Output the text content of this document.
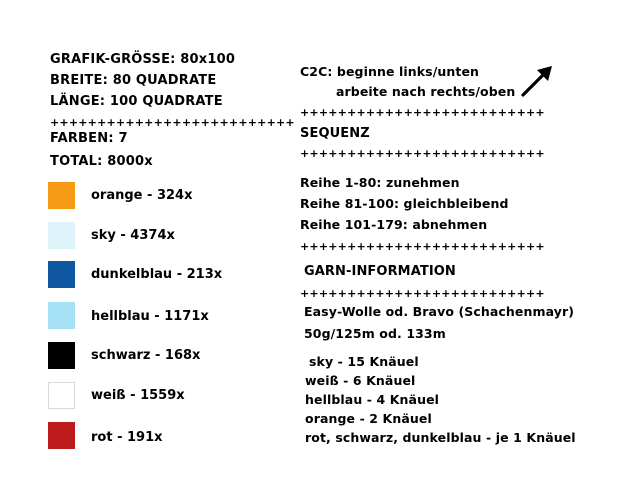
GRAFIK-GRÖSSE: 80x100
BREITE: 80 QUADRATE
LÄNGE: 100 QUADRATE
++++++++++++++++++++++++++
FARBEN: 7
TOTAL: 8000x
orange - 324x
sky - 4374x
dunkelblau - 213x
hellblau - 1171x
schwarz - 168x
weiß - 1559x
rot - 191x
C2C: beginne links/unten
arbeite nach rechts/oben
++++++++++++++++++++++++++
SEQUENZ
++++++++++++++++++++++++++
Reihe 1-80: zunehmen
Reihe 81-100: gleichbleibend
Reihe 101-179: abnehmen
++++++++++++++++++++++++++
GARN-INFORMATION
++++++++++++++++++++++++++
Easy-Wolle od. Bravo (Schachenmayr)
50g/125m od. 133m
sky - 15 Knäuel
weiß - 6 Knäuel
hellblau - 4 Knäuel
orange - 2 Knäuel
rot, schwarz, dunkelblau - je 1 Knäuel
